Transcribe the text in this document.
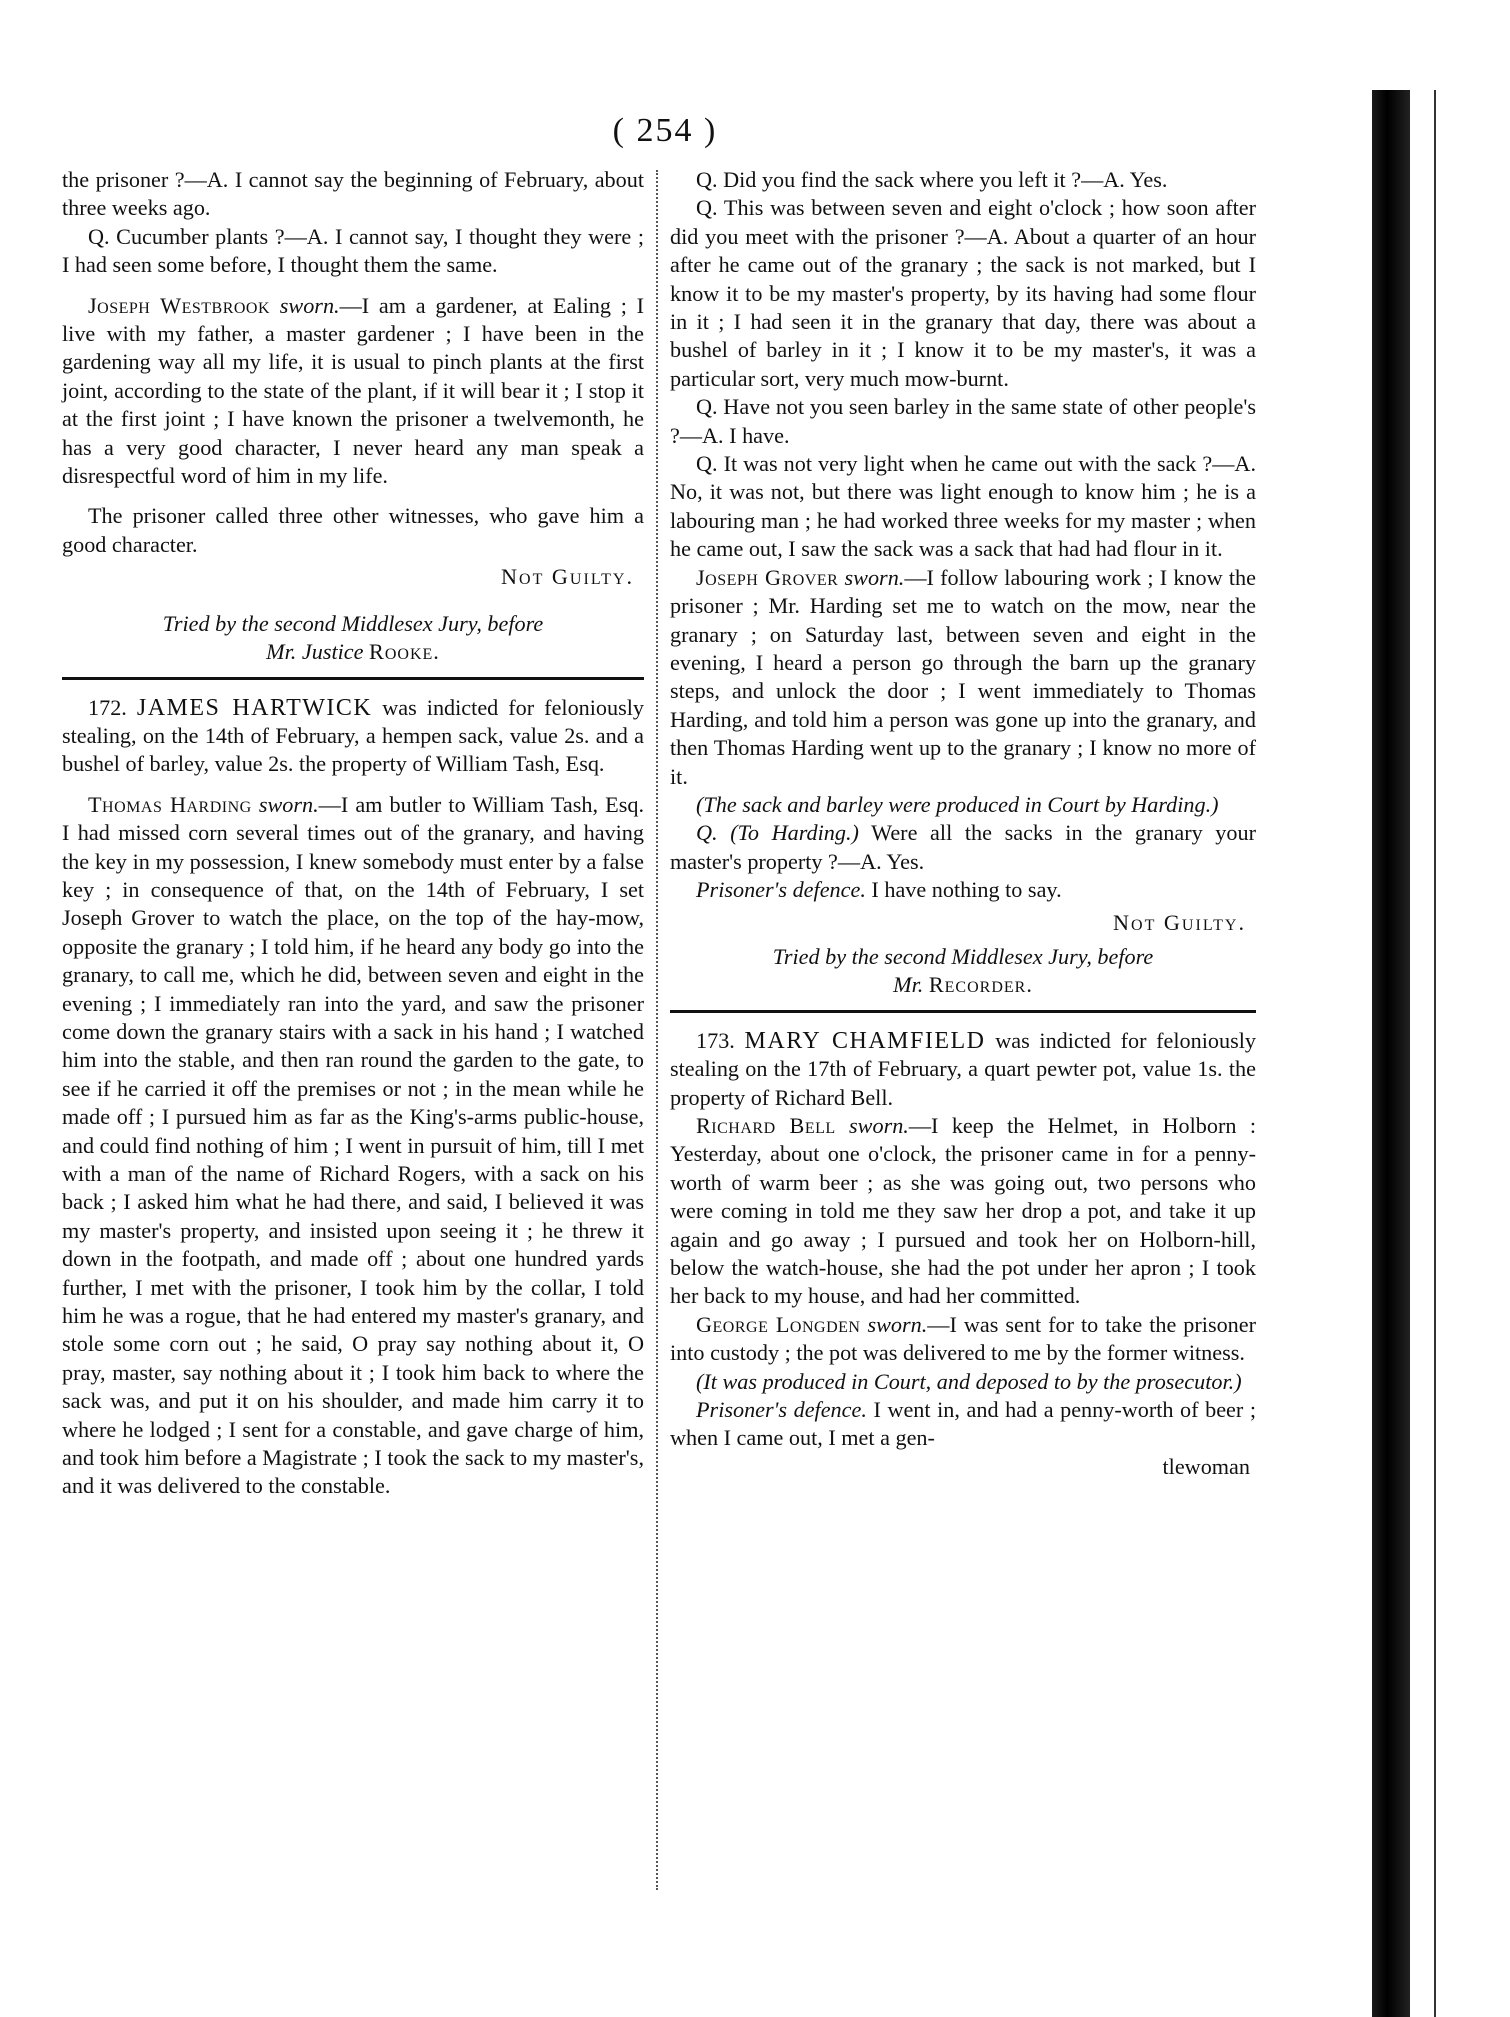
( 254 )

the prisoner ?—A. I cannot say the beginning of February, about three weeks ago.

Q. Cucumber plants ?—A. I cannot say, I thought they were ; I had seen some before, I thought them the same.

Joseph Westbrook sworn.—I am a gardener, at Ealing ; I live with my father, a master gardener ; I have been in the gardening way all my life, it is usual to pinch plants at the first joint, according to the state of the plant, if it will bear it ; I stop it at the first joint ; I have known the prisoner a twelvemonth, he has a very good character, I never heard any man speak a disrespectful word of him in my life.

The prisoner called three other witnesses, who gave him a good character.

Not Guilty.

Tried by the second Middlesex Jury, before
Mr. Justice Rooke.

172. JAMES HARTWICK was indicted for feloniously stealing, on the 14th of February, a hempen sack, value 2s. and a bushel of barley, value 2s. the property of William Tash, Esq.

Thomas Harding sworn.—I am butler to William Tash, Esq. I had missed corn several times out of the granary, and having the key in my possession, I knew somebody must enter by a false key ; in consequence of that, on the 14th of February, I set Joseph Grover to watch the place, on the top of the hay-mow, opposite the granary ; I told him, if he heard any body go into the granary, to call me, which he did, between seven and eight in the evening ; I immediately ran into the yard, and saw the prisoner come down the granary stairs with a sack in his hand ; I watched him into the stable, and then ran round the garden to the gate, to see if he carried it off the premises or not ; in the mean while he made off ; I pursued him as far as the King's-arms public-house, and could find nothing of him ; I went in pursuit of him, till I met with a man of the name of Richard Rogers, with a sack on his back ; I asked him what he had there, and said, I believed it was my master's property, and insisted upon seeing it ; he threw it down in the footpath, and made off ; about one hundred yards further, I met with the prisoner, I took him by the collar, I told him he was a rogue, that he had entered my master's granary, and stole some corn out ; he said, O pray say nothing about it, O pray, master, say nothing about it ; I took him back to where the sack was, and put it on his shoulder, and made him carry it to where he lodged ; I sent for a constable, and gave charge of him, and took him before a Magistrate ; I took the sack to my master's, and it was delivered to the constable.

Q. Did you find the sack where you left it ?—A. Yes.

Q. This was between seven and eight o'clock ; how soon after did you meet with the prisoner ?—A. About a quarter of an hour after he came out of the granary ; the sack is not marked, but I know it to be my master's property, by its having had some flour in it ; I had seen it in the granary that day, there was about a bushel of barley in it ; I know it to be my master's, it was a particular sort, very much mow-burnt.

Q. Have not you seen barley in the same state of other people's ?—A. I have.

Q. It was not very light when he came out with the sack ?—A. No, it was not, but there was light enough to know him ; he is a labouring man ; he had worked three weeks for my master ; when he came out, I saw the sack was a sack that had had flour in it.

Joseph Grover sworn.—I follow labouring work ; I know the prisoner ; Mr. Harding set me to watch on the mow, near the granary ; on Saturday last, between seven and eight in the evening, I heard a person go through the barn up the granary steps, and unlock the door ; I went immediately to Thomas Harding, and told him a person was gone up into the granary, and then Thomas Harding went up to the granary ; I know no more of it.

(The sack and barley were produced in Court by Harding.)

Q. (To Harding.) Were all the sacks in the granary your master's property ?—A. Yes.

Prisoner's defence. I have nothing to say.

Not Guilty.

Tried by the second Middlesex Jury, before
Mr. Recorder.

173. MARY CHAMFIELD was indicted for feloniously stealing on the 17th of February, a quart pewter pot, value 1s. the property of Richard Bell.

Richard Bell sworn.—I keep the Helmet, in Holborn : Yesterday, about one o'clock, the prisoner came in for a penny-worth of warm beer ; as she was going out, two persons who were coming in told me they saw her drop a pot, and take it up again and go away ; I pursued and took her on Holborn-hill, below the watch-house, she had the pot under her apron ; I took her back to my house, and had her committed.

George Longden sworn.—I was sent for to take the prisoner into custody ; the pot was delivered to me by the former witness.

(It was produced in Court, and deposed to by the prosecutor.)

Prisoner's defence. I went in, and had a penny-worth of beer ; when I came out, I met a gen-

tlewoman
